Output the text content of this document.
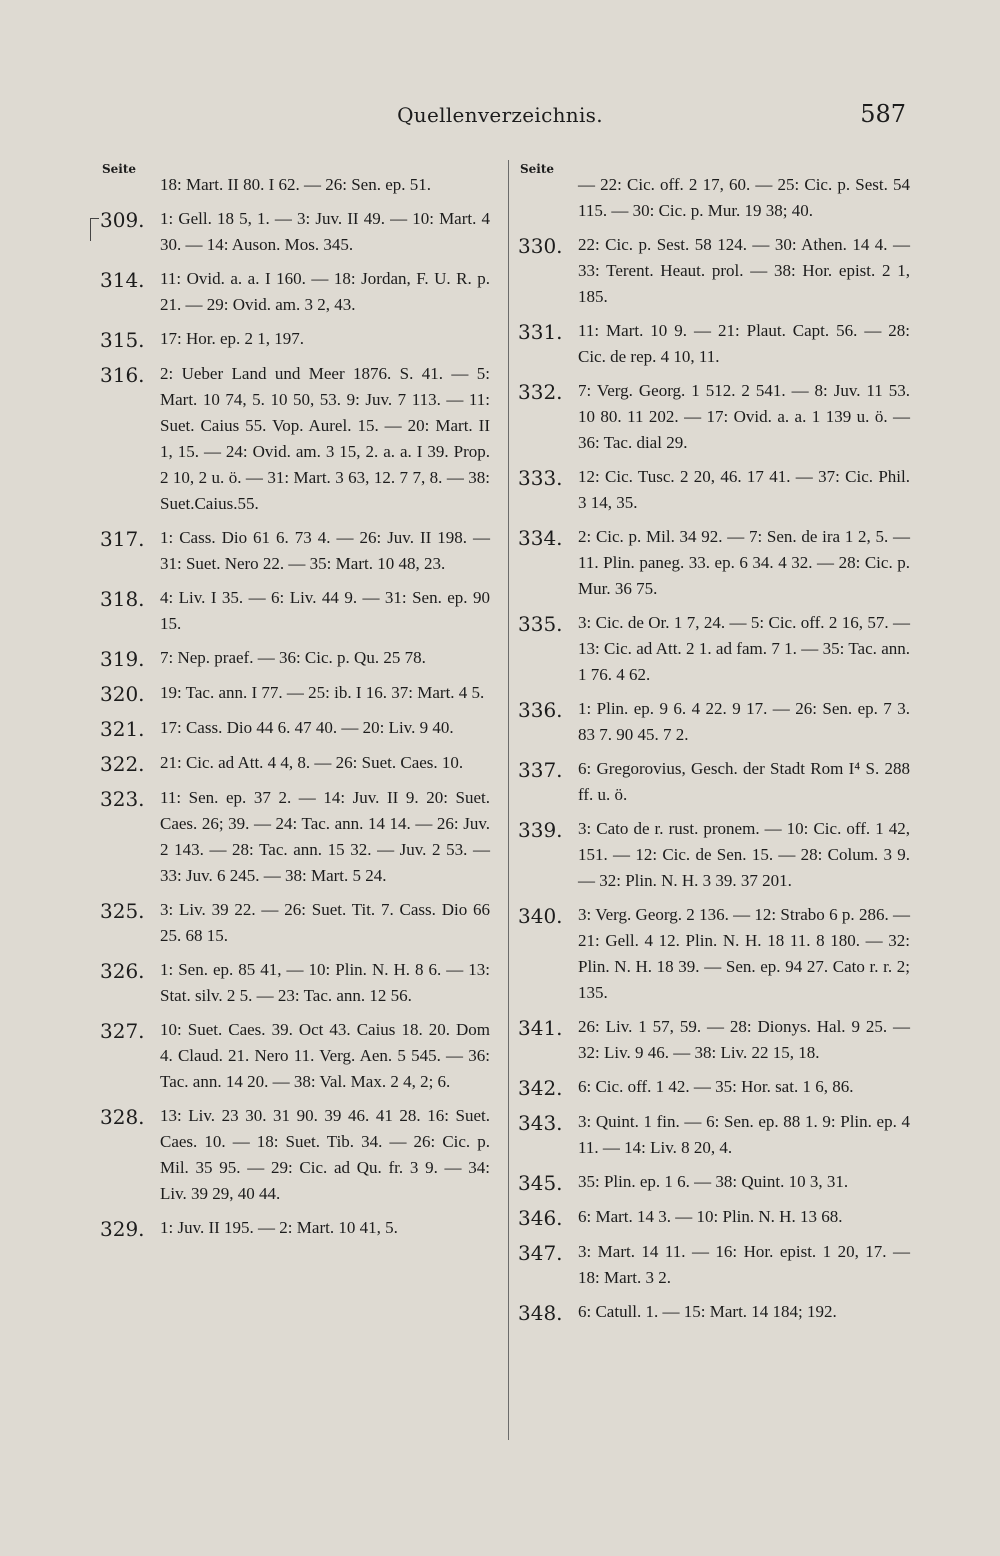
Quellenverzeichnis.	587
Seite
18: Mart. II 80. I 62. — 26: Sen. ep. 51.
309. 1: Gell. 18 5, 1. — 3: Juv. II 49. — 10: Mart. 4 30. — 14: Auson. Mos. 345.
314. 11: Ovid. a. a. I 160. — 18: Jordan, F. U. R. p. 21. — 29: Ovid. am. 3 2, 43.
315. 17: Hor. ep. 2 1, 197.
316. 2: Ueber Land und Meer 1876. S. 41. — 5: Mart. 10 74, 5. 10 50, 53. 9: Juv. 7 113. — 11: Suet. Caius 55. Vop. Aurel. 15. — 20: Mart. II 1, 15. — 24: Ovid. am. 3 15, 2. a. a. I 39. Prop. 2 10, 2 u. ö. — 31: Mart. 3 63, 12. 7 7, 8. — 38: Suet.Caius.55.
317. 1: Cass. Dio 61 6. 73 4. — 26: Juv. II 198. — 31: Suet. Nero 22. — 35: Mart. 10 48, 23.
318. 4: Liv. I 35. — 6: Liv. 44 9. — 31: Sen. ep. 90 15.
319. 7: Nep. praef. — 36: Cic. p. Qu. 25 78.
320. 19: Tac. ann. I 77. — 25: ib. I 16. 37: Mart. 4 5.
321. 17: Cass. Dio 44 6. 47 40. — 20: Liv. 9 40.
322. 21: Cic. ad Att. 4 4, 8. — 26: Suet. Caes. 10.
323. 11: Sen. ep. 37 2. — 14: Juv. II 9. 20: Suet. Caes. 26; 39. — 24: Tac. ann. 14 14. — 26: Juv. 2 143. — 28: Tac. ann. 15 32. — Juv. 2 53. — 33: Juv. 6 245. — 38: Mart. 5 24.
325. 3: Liv. 39 22. — 26: Suet. Tit. 7. Cass. Dio 66 25. 68 15.
326. 1: Sen. ep. 85 41, — 10: Plin. N. H. 8 6. — 13: Stat. silv. 2 5. — 23: Tac. ann. 12 56.
327. 10: Suet. Caes. 39. Oct 43. Caius 18. 20. Dom 4. Claud. 21. Nero 11. Verg. Aen. 5 545. — 36: Tac. ann. 14 20. — 38: Val. Max. 2 4, 2; 6.
328. 13: Liv. 23 30. 31 90. 39 46. 41 28. 16: Suet. Caes. 10. — 18: Suet. Tib. 34. — 26: Cic. p. Mil. 35 95. — 29: Cic. ad Qu. fr. 3 9. — 34: Liv. 39 29, 40 44.
329. 1: Juv. II 195. — 2: Mart. 10 41, 5.
Seite
— 22: Cic. off. 2 17, 60. — 25: Cic. p. Sest. 54 115. — 30: Cic. p. Mur. 19 38; 40.
330. 22: Cic. p. Sest. 58 124. — 30: Athen. 14 4. — 33: Terent. Heaut. prol. — 38: Hor. epist. 2 1, 185.
331. 11: Mart. 10 9. — 21: Plaut. Capt. 56. — 28: Cic. de rep. 4 10, 11.
332. 7: Verg. Georg. 1 512. 2 541. — 8: Juv. 11 53. 10 80. 11 202. — 17: Ovid. a. a. 1 139 u. ö. — 36: Tac. dial 29.
333. 12: Cic. Tusc. 2 20, 46. 17 41. — 37: Cic. Phil. 3 14, 35.
334. 2: Cic. p. Mil. 34 92. — 7: Sen. de ira 1 2, 5. — 11. Plin. paneg. 33. ep. 6 34. 4 32. — 28: Cic. p. Mur. 36 75.
335. 3: Cic. de Or. 1 7, 24. — 5: Cic. off. 2 16, 57. — 13: Cic. ad Att. 2 1. ad fam. 7 1. — 35: Tac. ann. 1 76. 4 62.
336. 1: Plin. ep. 9 6. 4 22. 9 17. — 26: Sen. ep. 7 3. 83 7. 90 45. 7 2.
337. 6: Gregorovius, Gesch. der Stadt Rom I⁴ S. 288 ff. u. ö.
339. 3: Cato de r. rust. pronem. — 10: Cic. off. 1 42, 151. — 12: Cic. de Sen. 15. — 28: Colum. 3 9. — 32: Plin. N. H. 3 39. 37 201.
340. 3: Verg. Georg. 2 136. — 12: Strabo 6 p. 286. — 21: Gell. 4 12. Plin. N. H. 18 11. 8 180. — 32: Plin. N. H. 18 39. — Sen. ep. 94 27. Cato r. r. 2; 135.
341. 26: Liv. 1 57, 59. — 28: Dionys. Hal. 9 25. — 32: Liv. 9 46. — 38: Liv. 22 15, 18.
342. 6: Cic. off. 1 42. — 35: Hor. sat. 1 6, 86.
343. 3: Quint. 1 fin. — 6: Sen. ep. 88 1. 9: Plin. ep. 4 11. — 14: Liv. 8 20, 4.
345. 35: Plin. ep. 1 6. — 38: Quint. 10 3, 31.
346. 6: Mart. 14 3. — 10: Plin. N. H. 13 68.
347. 3: Mart. 14 11. — 16: Hor. epist. 1 20, 17. — 18: Mart. 3 2.
348. 6: Catull. 1. — 15: Mart. 14 184; 192.
